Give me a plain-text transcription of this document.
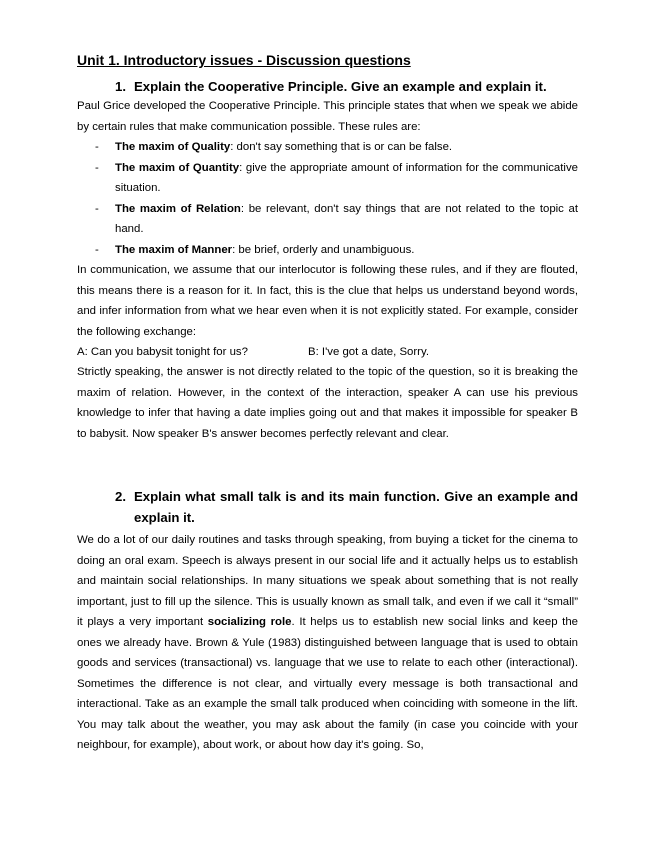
Unit 1. Introductory issues - Discussion questions
1. Explain the Cooperative Principle. Give an example and explain it.

Paul Grice developed the Cooperative Principle. This principle states that when we speak we abide by certain rules that make communication possible. These rules are:

- The maxim of Quality: don't say something that is or can be false.
- The maxim of Quantity: give the appropriate amount of information for the communicative situation.
- The maxim of Relation: be relevant, don't say things that are not related to the topic at hand.
- The maxim of Manner: be brief, orderly and unambiguous.

In communication, we assume that our interlocutor is following these rules, and if they are flouted, this means there is a reason for it. In fact, this is the clue that helps us understand beyond words, and infer information from what we hear even when it is not explicitly stated. For example, consider the following exchange:

A: Can you babysit tonight for us?	B: I've got a date, Sorry.

Strictly speaking, the answer is not directly related to the topic of the question, so it is breaking the maxim of relation. However, in the context of the interaction, speaker A can use his previous knowledge to infer that having a date implies going out and that makes it impossible for speaker B to babysit. Now speaker B's answer becomes perfectly relevant and clear.

2. Explain what small talk is and its main function. Give an example and explain it.

We do a lot of our daily routines and tasks through speaking, from buying a ticket for the cinema to doing an oral exam. Speech is always present in our social life and it actually helps us to establish and maintain social relationships. In many situations we speak about something that is not really important, just to fill up the silence. This is usually known as small talk, and even if we call it “small” it plays a very important socializing role. It helps us to establish new social links and keep the ones we already have. Brown & Yule (1983) distinguished between language that is used to obtain goods and services (transactional) vs. language that we use to relate to each other (interactional). Sometimes the difference is not clear, and virtually every message is both transactional and interactional. Take as an example the small talk produced when coinciding with someone in the lift. You may talk about the weather, you may ask about the family (in case you coincide with your neighbour, for example), about work, or about how day it's going. So,
